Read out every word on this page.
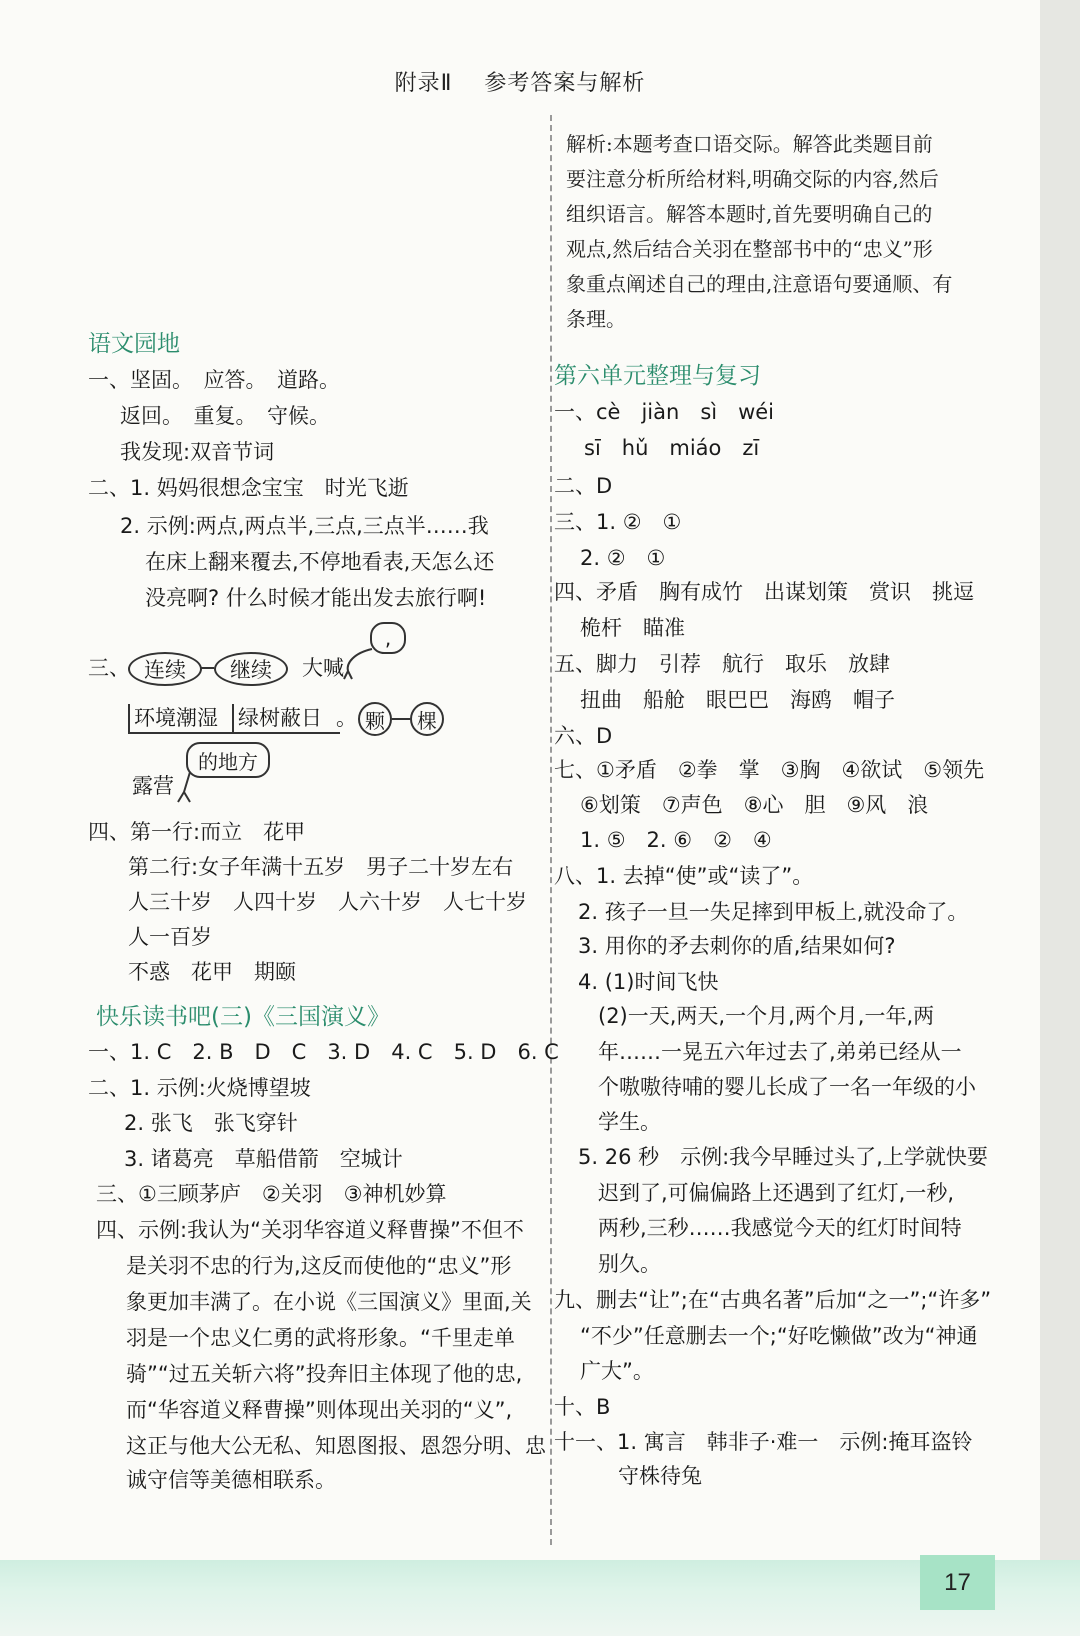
17
附录Ⅱ 参考答案与解析
语文园地
一、坚固。　应答。　道路。
返回。　重复。　守候。
我发现:双音节词
二、1. 妈妈很想念宝宝　时光飞逝
2. 示例:两点,两点半,三点,三点半……我
在床上翻来覆去,不停地看表,天怎么还
没亮啊? 什么时候才能出发去旅行啊!
三、 连续	继续	大喊
,
环境潮湿 绿树蔽日 。 颗	棵
的地方
露营
四、第一行:而立　花甲
第二行:女子年满十五岁　男子二十岁左右
人三十岁　人四十岁　人六十岁　人七十岁
人一百岁
不惑　花甲　期颐
快乐读书吧(三)《三国演义》
一、1. C　2. B　D　C　3. D　4. C　5. D　6. C
二、1. 示例:火烧博望坡
2. 张飞　张飞穿针
3. 诸葛亮　草船借箭　空城计
三、①三顾茅庐　②关羽　③神机妙算
四、示例:我认为“关羽华容道义释曹操”不但不
是关羽不忠的行为,这反而使他的“忠义”形
象更加丰满了。在小说《三国演义》里面,关
羽是一个忠义仁勇的武将形象。“千里走单
骑”“过五关斩六将”投奔旧主体现了他的忠,
而“华容道义释曹操”则体现出关羽的“义”,
这正与他大公无私、知恩图报、恩怨分明、忠
诚守信等美德相联系。
解析:本题考查口语交际。解答此类题目前
要注意分析所给材料,明确交际的内容,然后
组织语言。解答本题时,首先要明确自己的
观点,然后结合关羽在整部书中的“忠义”形
象重点阐述自己的理由,注意语句要通顺、有
条理。
第六单元整理与复习
一、cè　jiàn　sì　wéi
sī　hǔ　miáo　zī
二、D
三、1. ②　①
2. ②　①
四、矛盾　胸有成竹　出谋划策　赏识　挑逗
桅杆　瞄准
五、脚力　引荐　航行　取乐　放肆
扭曲　船舱　眼巴巴　海鸥　帽子
六、D
七、①矛盾　②拳　掌　③胸　④欲试　⑤领先
⑥划策　⑦声色　⑧心　胆　⑨风　浪
1. ⑤　2. ⑥　②　④
八、1. 去掉“使”或“读了”。
2. 孩子一旦一失足摔到甲板上,就没命了。
3. 用你的矛去刺你的盾,结果如何?
4. (1)时间飞快
(2)一天,两天,一个月,两个月,一年,两
年……一晃五六年过去了,弟弟已经从一
个嗷嗷待哺的婴儿长成了一名一年级的小
学生。
5. 26 秒　示例:我今早睡过头了,上学就快要
迟到了,可偏偏路上还遇到了红灯,一秒,
两秒,三秒……我感觉今天的红灯时间特
别久。
九、删去“让”;在“古典名著”后加“之一”;“许多”
“不少”任意删去一个;“好吃懒做”改为“神通
广大”。
十、B
十一、1. 寓言　韩非子·难一　示例:掩耳盗铃
守株待兔
